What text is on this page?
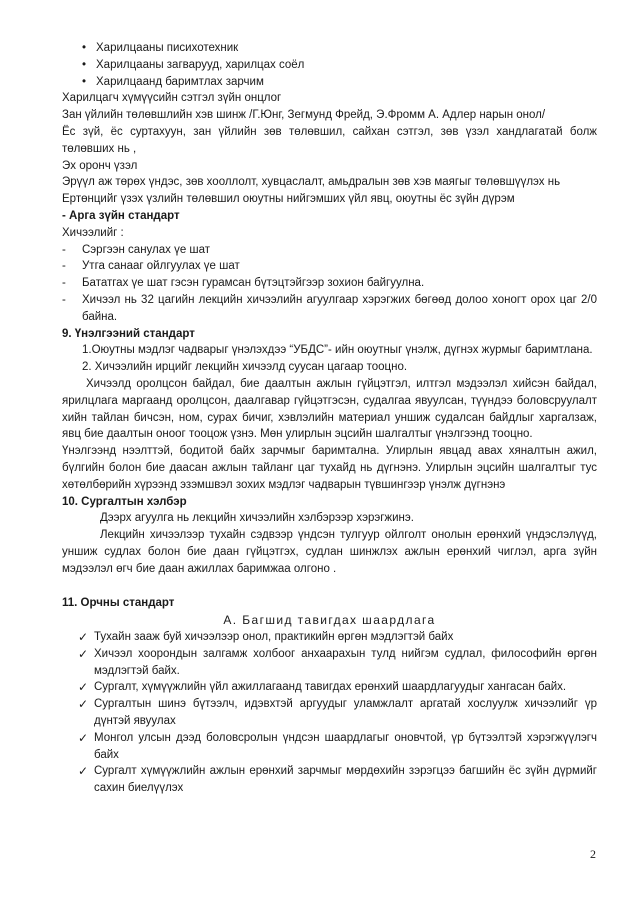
• Харилцааны писихотехник
• Харилцааны загварууд, харилцах соёл
• Харилцаанд баримтлах зарчим
Харилцагч хүмүүсийн сэтгэл зүйн онцлог

Зан үйлийн төлөвшлийн хэв шинж /Г.Юнг, Зегмунд Фрейд, Э.Фромм А. Адлер нарын онол/

Ёс зүй, ёс суртахуун, зан үйлийн зөв төлөвшил, сайхан сэтгэл, зөв үзэл хандлагатай болж төлөвших нь ,

Эх оронч үзэл

Эрүүл аж төрөх үндэс, зөв хооллолт, хувцаслалт, амьдралын зөв хэв маягыг төлөвшүүлэх нь

Ертөнцийг үзэх үзлийн төлөвшил оюутны нийгэмших үйл явц, оюутны ёс зүйн дүрэм

- Арга зүйн стандарт
Хичээлийг :
-	Сэргээн санулах үе шат
-	Утга санааг ойлгуулах үе шат
-	Бататгах үе шат гэсэн гурамсан бүтэцтэйгээр зохион байгуулна.
-	Хичээл нь 32 цагийн лекцийн хичээлийн агуулгаар хэрэгжих бөгөөд долоо хоногт орох цаг 2/0 байна.
9. Үнэлгээний стандарт

1.Оюутны мэдлэг чадварыг үнэлэхдээ “УБДС”- ийн оюутныг үнэлж, дүгнэх журмыг баримтлана.

2. Хичээлийн ирцийг лекцийн хичээлд суусан цагаар тооцно.

Хичээлд оролцсон байдал, бие даалтын ажлын гүйцэтгэл, илтгэл мэдээлэл хийсэн байдал, ярилцлага маргаанд оролцсон, даалгавар гүйцэтгэсэн, судалгаа явуулсан, түүндээ боловсруулалт хийн тайлан бичсэн, ном, сурах бичиг, хэвлэлийн материал уншиж судалсан байдлыг харгалзаж, явц бие даалтын оноог тооцож үзнэ. Мөн улирлын эцсийн шалгалтыг үнэлгээнд тооцно.

Үнэлгээнд нээлттэй, бодитой байх зарчмыг баримтална. Улирлын явцад авах хяналтын ажил, бүлгийн болон бие дааcан ажлын тайланг цаг тухайд нь дүгнэнэ. Улирлын эцсийн шалгалтыг тус хөтөлбөрийн хүрээнд эзэмшвэл зохих мэдлэг чадварын түвшингээр үнэлж дүгнэнэ

10. Сургалтын хэлбэр

Дээрх агуулга нь лекцийн хичээлийн хэлбэрээр хэрэгжинэ.

Лекцийн хичээлээр тухайн сэдвээр үндсэн тулгуур ойлголт онолын ерөнхий үндэслэлүүд, уншиж судлах болон бие даан гүйцэтгэх, судлан шинжлэх ажлын ерөнхий чиглэл, арга зүйн мэдээлэл өгч бие даан ажиллах баримжаа олгоно .

11. Орчны стандарт
А. Багшид тавигдах шаардлага
✓ Тухайн зааж буй хичээлээр онол, практикийн өргөн мэдлэгтэй байх
✓ Хичээл хоорондын залгамж холбоог анхаарахын тулд нийгэм судлал, философийн өргөн мэдлэгтэй байх.
✓ Сургалт, хүмүүжлийн үйл ажиллагаанд тавигдах ерөнхий шаардлагуудыг хангасан байх.
✓ Сургалтын шинэ бүтээлч, идэвхтэй аргуудыг уламжлалт аргатай хослуулж хичээлийг үр дүнтэй явуулах
✓ Монгол улсын дээд боловсролын үндсэн шаардлагыг оновчтой, үр бүтээлтэй хэрэгжүүлэгч байх
✓ Сургалт хүмүүжлийн ажлын ерөнхий зарчмыг мөрдөхийн зэрэгцээ багшийн ёс зүйн дүрмийг сахин биелүүлэх
2
